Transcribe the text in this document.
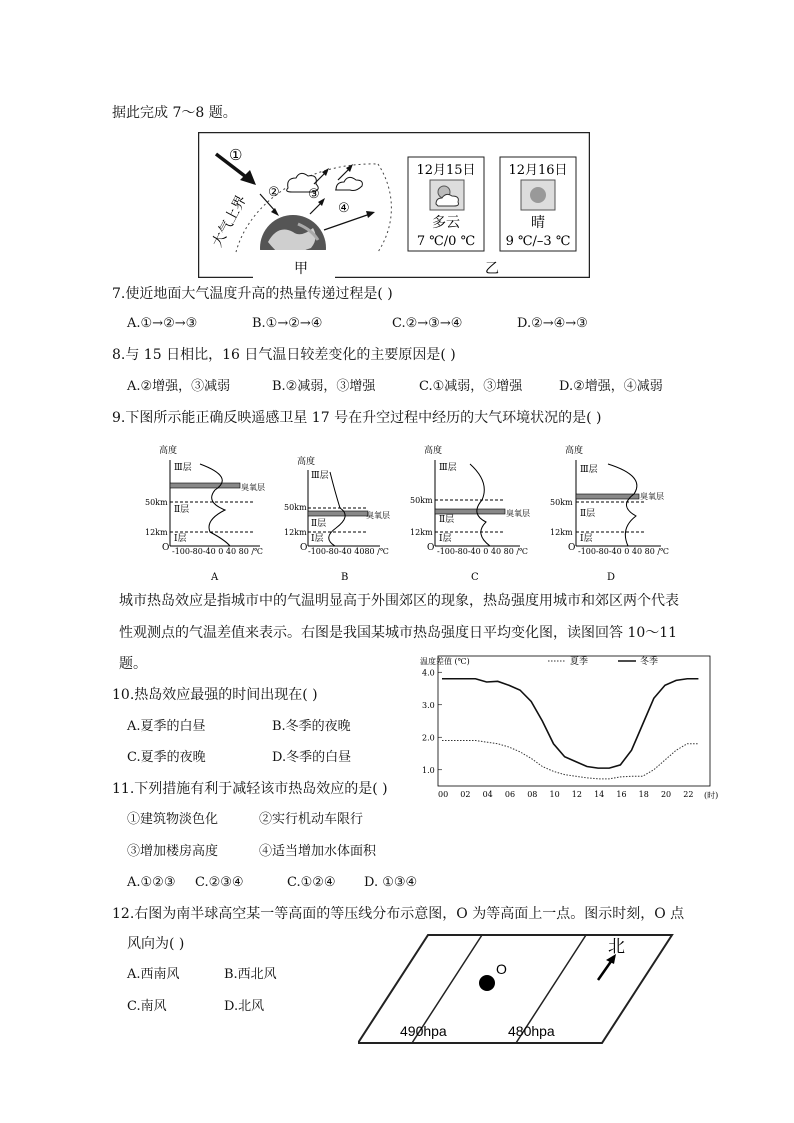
据此完成 7～8 题。
①
② ③
④
大气上界
甲	乙
12月15日
多云
7 ℃/0 ℃
12月16日
晴
9 ℃/–3 ℃
7.使近地面大气温度升高的热量传递过程是( )
A.①→②→③	B.①→②→④	C.②→③→④	D.②→④→③
8.与 15 日相比，16 日气温日较差变化的主要原因是( )
A.②增强，③减弱	B.②减弱，③增强	C.①减弱，③增强	D.②增强，④减弱
9.下图所示能正确反映遥感卫星 17 号在升空过程中经历的大气环境状况的是( )
高度
Ⅲ层
臭氧层
50km
Ⅱ层
12km
Ⅰ层
O -100-80-40 0 40 80 /℃
A
高度
Ⅲ层
50km
臭氧层
Ⅱ层
12km
Ⅰ层
O -100-80-40 4080 /℃
B
高度
Ⅲ层
50km
臭氧层
Ⅱ层
12km
Ⅰ层
O -100-80-40 0 40 80 /℃
C
高度
Ⅲ层
臭氧层
50km
Ⅱ层
12km
Ⅰ层
O -100-80-40 0 40 80 /℃
D
城市热岛效应是指城市中的气温明显高于外围郊区的现象，热岛强度用城市和郊区两个代表
性观测点的气温差值来表示。右图是我国某城市热岛强度日平均变化图，读图回答 10～11
题。	温度差值 (℃)	夏季	冬季
1.0
2.0
3.0
4.0
00 02 04 06 08 10 12 14 16 18 20 22 (时)
10.热岛效应最强的时间出现在( )
A.夏季的白昼	B.冬季的夜晚
C.夏季的夜晚	D.冬季的白昼
11.下列措施有利于减轻该市热岛效应的是( )
①建筑物淡色化	②实行机动车限行
③增加楼房高度	④适当增加水体面积
A.①②③ C.②③④	C.①②④ D. ①③④
12.右图为南半球高空某一等高面的等压线分布示意图，O 为等高面上一点。图示时刻，O 点
风向为( )
A.西南风	B.西北风
C.南风	D.北风
O
北
490hpa	480hpa
